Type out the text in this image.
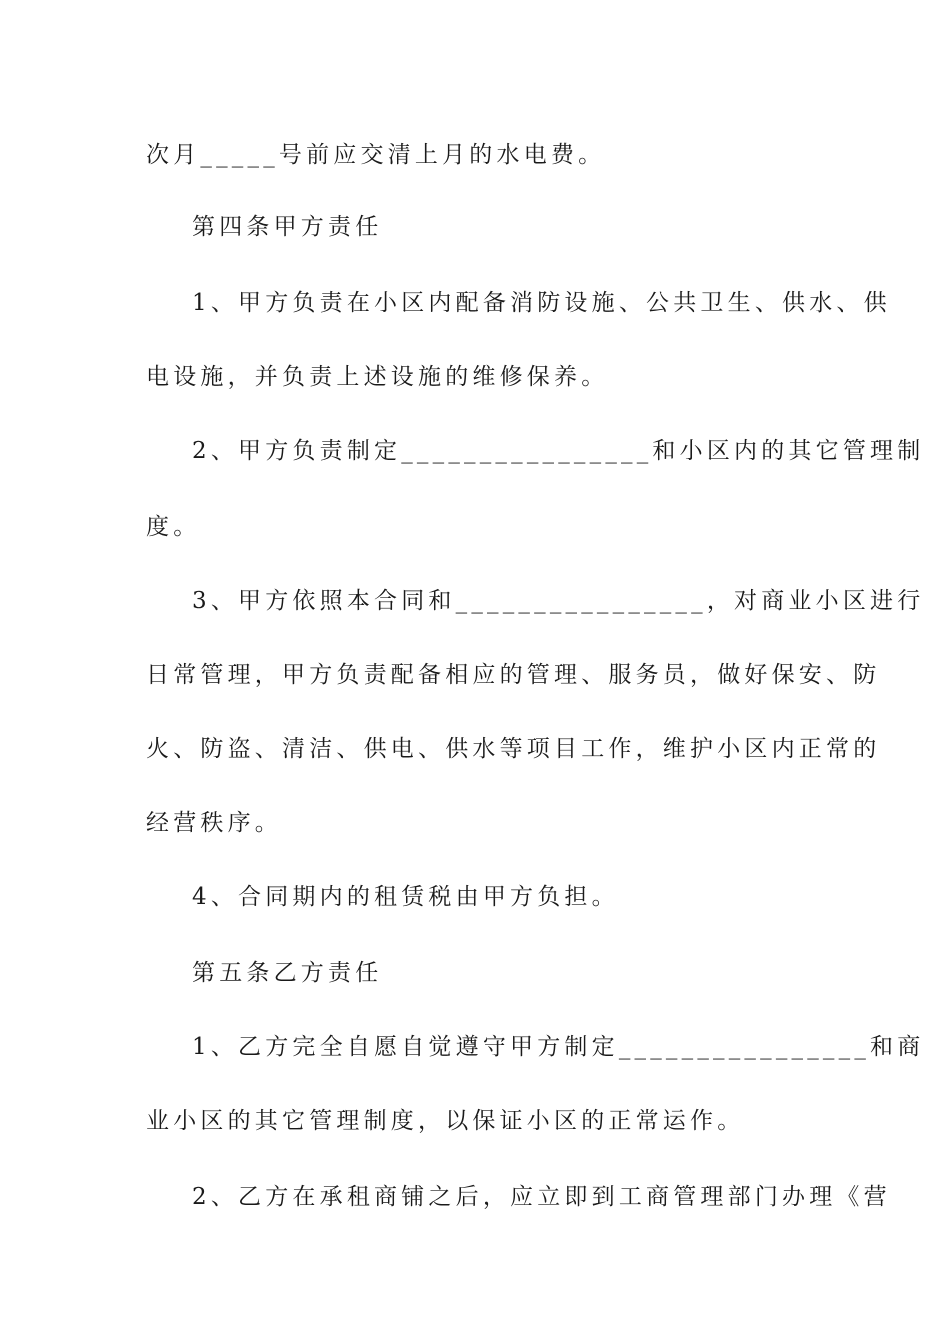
次月_____号前应交清上月的水电费。
第四条甲方责任
1、甲方负责在小区内配备消防设施、公共卫生、供水、供
电设施，并负责上述设施的维修保养。
2、甲方负责制定________________和小区内的其它管理制
度。
3、甲方依照本合同和________________，对商业小区进行
日常管理，甲方负责配备相应的管理、服务员，做好保安、防
火、防盗、清洁、供电、供水等项目工作，维护小区内正常的
经营秩序。
4、合同期内的租赁税由甲方负担。
第五条乙方责任
1、乙方完全自愿自觉遵守甲方制定________________和商
业小区的其它管理制度，以保证小区的正常运作。
2、乙方在承租商铺之后，应立即到工商管理部门办理《营
